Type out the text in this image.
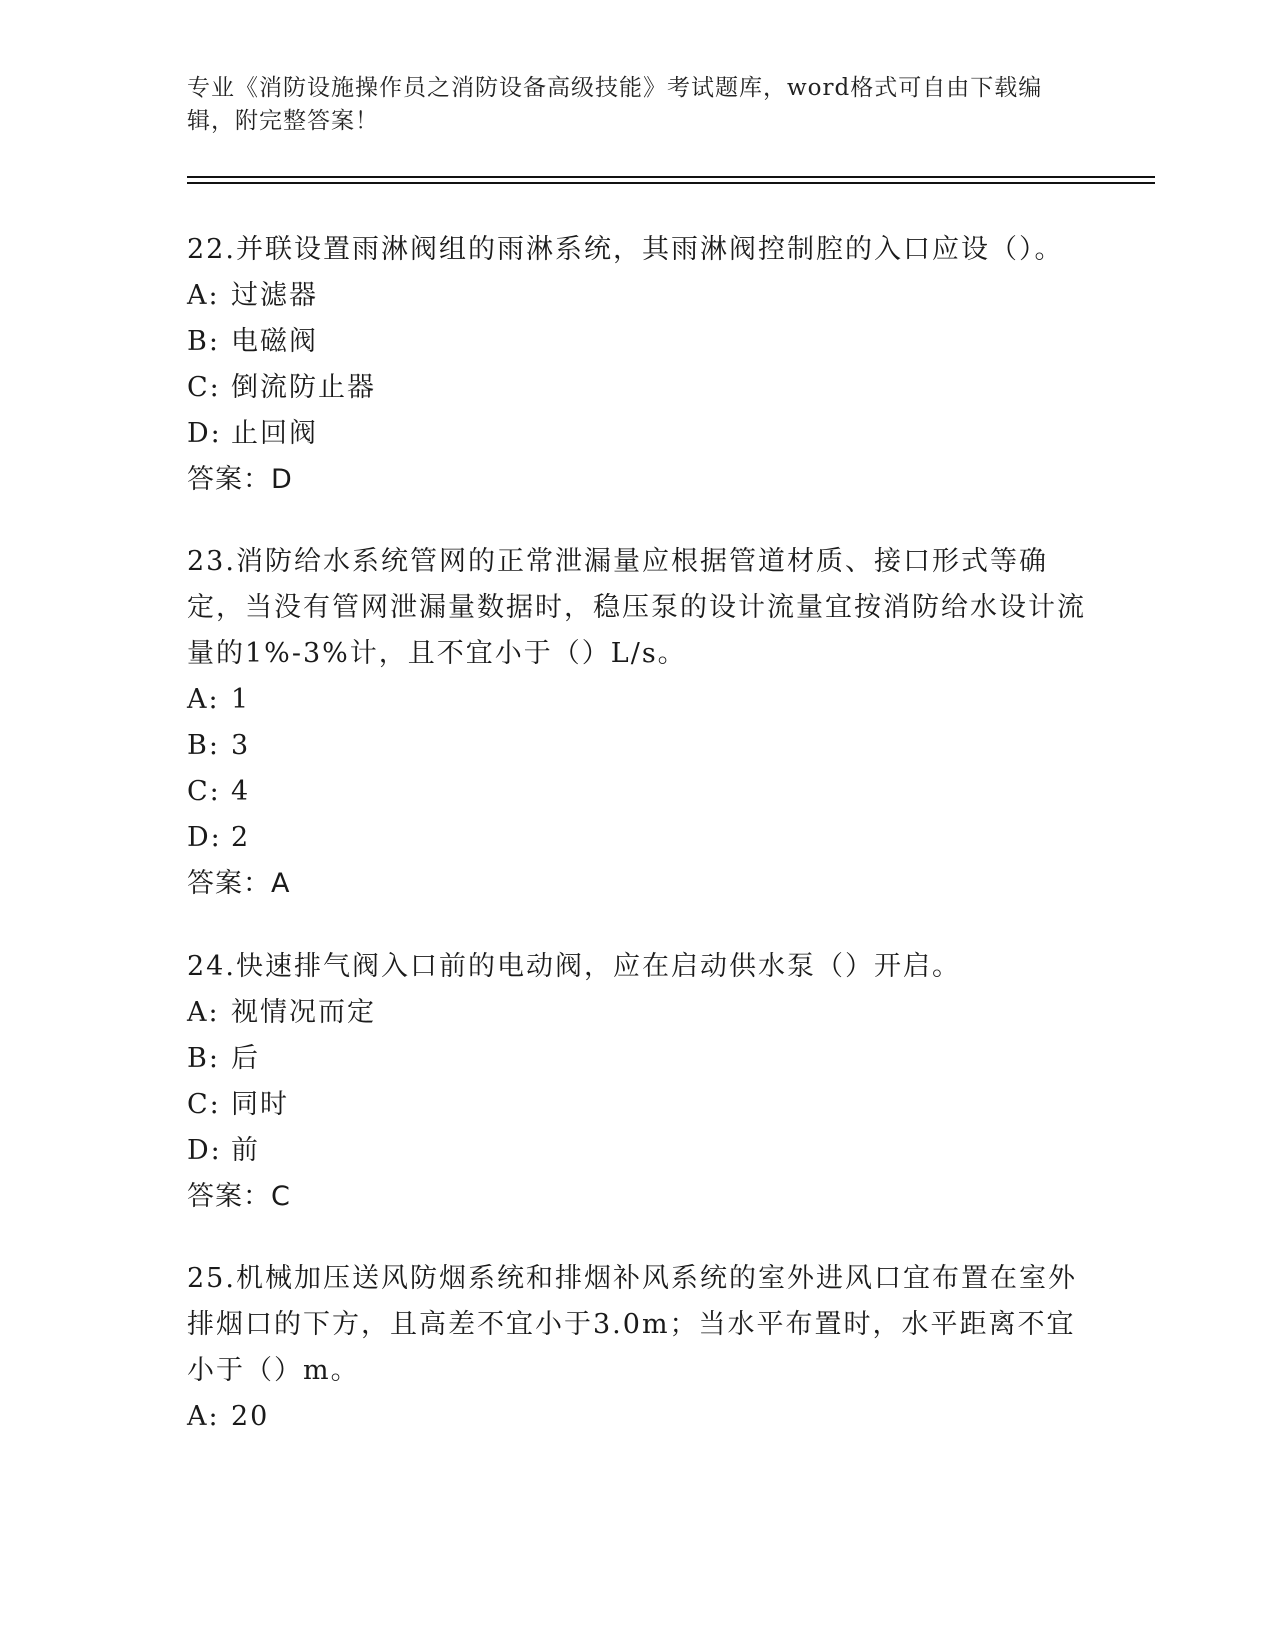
专业《消防设施操作员之消防设备高级技能》考试题库，word格式可自由下载编辑，附完整答案！

22.并联设置雨淋阀组的雨淋系统，其雨淋阀控制腔的入口应设（）。

A: 过滤器

B: 电磁阀

C: 倒流防止器

D: 止回阀

答案：D

23.消防给水系统管网的正常泄漏量应根据管道材质、接口形式等确定，当没有管网泄漏量数据时，稳压泵的设计流量宜按消防给水设计流量的1%-3%计，且不宜小于（）L/s。

A: 1

B: 3

C: 4

D: 2

答案：A

24.快速排气阀入口前的电动阀，应在启动供水泵（）开启。

A: 视情况而定

B: 后

C: 同时

D: 前

答案：C

25.机械加压送风防烟系统和排烟补风系统的室外进风口宜布置在室外排烟口的下方，且高差不宜小于3.0m；当水平布置时，水平距离不宜小于（）m。

A: 20
